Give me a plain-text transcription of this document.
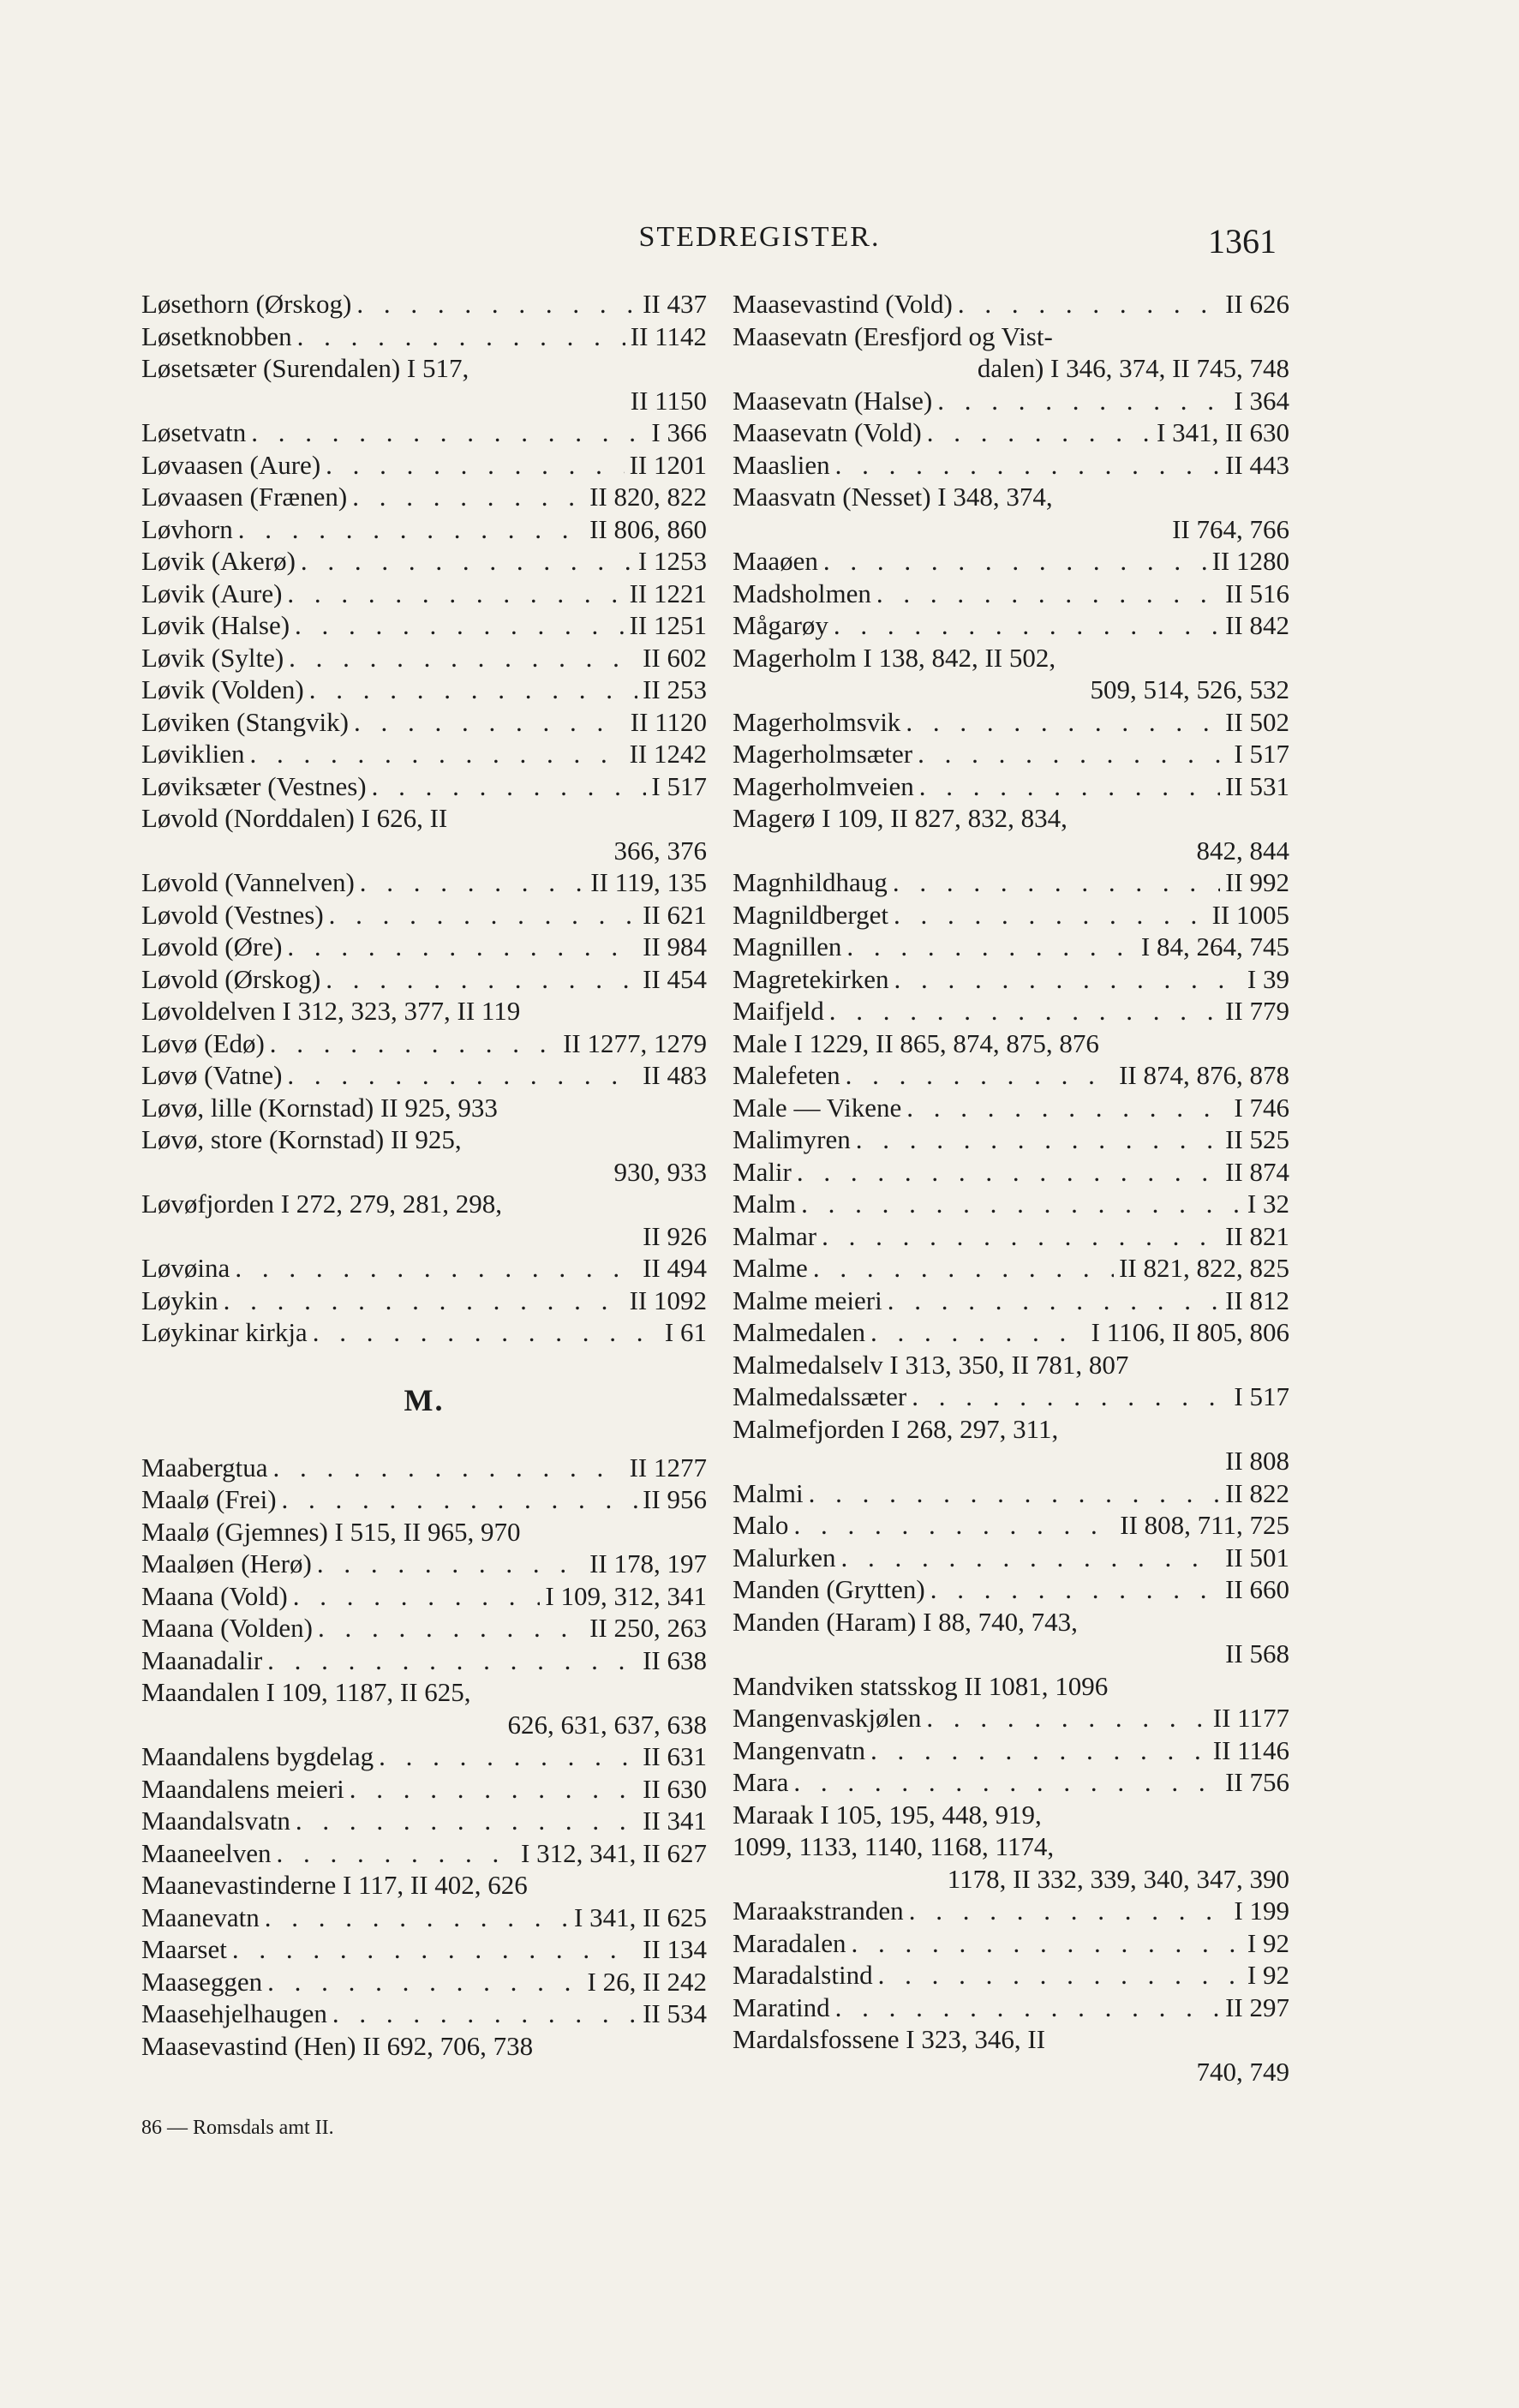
STEDREGISTER.	1361
Løsethorn (Ørskog) . . .	II 437
Løsetknobben . . .	II 1142
Løsetsæter (Surendalen) I 517,
II 1150
Løsetvatn . . .	I 366
Løvaasen (Aure) . . .	II 1201
Løvaasen (Frænen) . . .	II 820, 822
Løvhorn . . .	II 806, 860
Løvik (Akerø) . . .	I 1253
Løvik (Aure) . . .	II 1221
Løvik (Halse) . . .	II 1251
Løvik (Sylte) . . .	II 602
Løvik (Volden) . . .	II 253
Løviken (Stangvik) . . .	II 1120
Løviklien . . .	II 1242
Løviksæter (Vestnes) . . .	I 517
Løvold (Norddalen) I 626, II
366, 376
Løvold (Vannelven) . . .	II 119, 135
Løvold (Vestnes) . . .	II 621
Løvold (Øre) . . .	II 984
Løvold (Ørskog) . . .	II 454
Løvoldelven I 312, 323, 377, II 119
Løvø (Edø) . . .	II 1277, 1279
Løvø (Vatne) . . .	II 483
Løvø, lille (Kornstad) II 925, 933
Løvø, store (Kornstad) II 925,
930, 933
Løvøfjorden I 272, 279, 281, 298,
II 926
Løvøina . . .	II 494
Løykin . . .	II 1092
Løykinar kirkja . . .	I 61
M.
Maabergtua . . .	II 1277
Maalø (Frei) . . .	II 956
Maalø (Gjemnes) I 515, II 965, 970
Maaløen (Herø) . . .	II 178, 197
Maana (Vold) . . .	I 109, 312, 341
Maana (Volden) . . .	II 250, 263
Maanadalir . . .	II 638
Maandalen I 109, 1187, II 625,
626, 631, 637, 638
Maandalens bygdelag . . .	II 631
Maandalens meieri . . .	II 630
Maandalsvatn . . .	II 341
Maaneelven . . .	I 312, 341, II 627
Maanevastinderne I 117, II 402, 626
Maanevatn . . .	I 341, II 625
Maarset . . .	II 134
Maaseggen . . .	I 26, II 242
Maasehjelhaugen . . .	II 534
Maasevastind (Hen) II 692, 706, 738
Maasevastind (Vold) . . .	II 626
Maasevatn (Eresfjord og Vist-
dalen) I 346, 374, II 745, 748
Maasevatn (Halse) . . .	I 364
Maasevatn (Vold) . . .	I 341, II 630
Maaslien . . .	II 443
Maasvatn (Nesset) I 348, 374,
II 764, 766
Maaøen . . .	II 1280
Madsholmen . . .	II 516
Mågarøy . . .	II 842
Magerholm I 138, 842, II 502,
509, 514, 526, 532
Magerholmsvik . . .	II 502
Magerholmsæter . . .	I 517
Magerholmveien . . .	II 531
Magerø I 109, II 827, 832, 834,
842, 844
Magnhildhaug . . .	II 992
Magnildberget . . .	II 1005
Magnillen . . .	I 84, 264, 745
Magretekirken . . .	I 39
Maifjeld . . .	II 779
Male I 1229, II 865, 874, 875, 876
Malefeten . . .	II 874, 876, 878
Male — Vikene . . .	I 746
Malimyren . . .	II 525
Malir . . .	II 874
Malm . . .	I 32
Malmar . . .	II 821
Malme . . .	II 821, 822, 825
Malme meieri . . .	II 812
Malmedalen . . .	I 1106, II 805, 806
Malmedalselv I 313, 350, II 781, 807
Malmedalssæter . . .	I 517
Malmefjorden I 268, 297, 311,
II 808
Malmi . . .	II 822
Malo . . .	II 808, 711, 725
Malurken . . .	II 501
Manden (Grytten) . . .	II 660
Manden (Haram) I 88, 740, 743,
II 568
Mandviken statsskog II 1081, 1096
Mangenvaskjølen . . .	II 1177
Mangenvatn . . .	II 1146
Mara . . .	II 756
Maraak I 105, 195, 448, 919,
1099, 1133, 1140, 1168, 1174,
1178, II 332, 339, 340, 347, 390
Maraakstranden . . .	I 199
Maradalen . . .	I 92
Maradalstind . . .	I 92
Maratind . . .	II 297
Mardalsfossene I 323, 346, II
740, 749
86 — Romsdals amt II.
